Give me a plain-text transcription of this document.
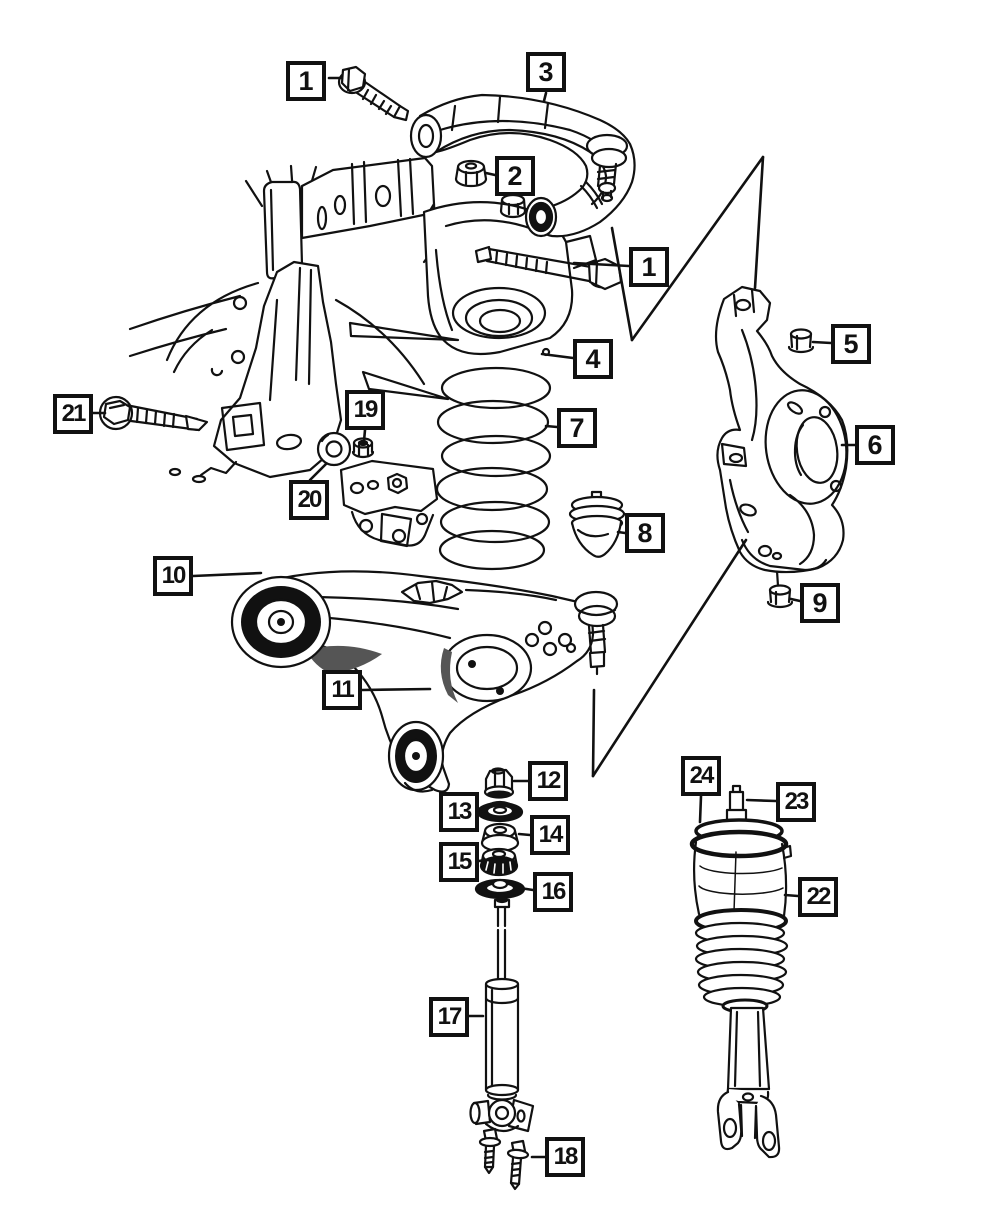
1
2
3
1
4	5
6
7
8
9
10
11
12
13
14
15
16
17
18
19
20
21
22
23
24
